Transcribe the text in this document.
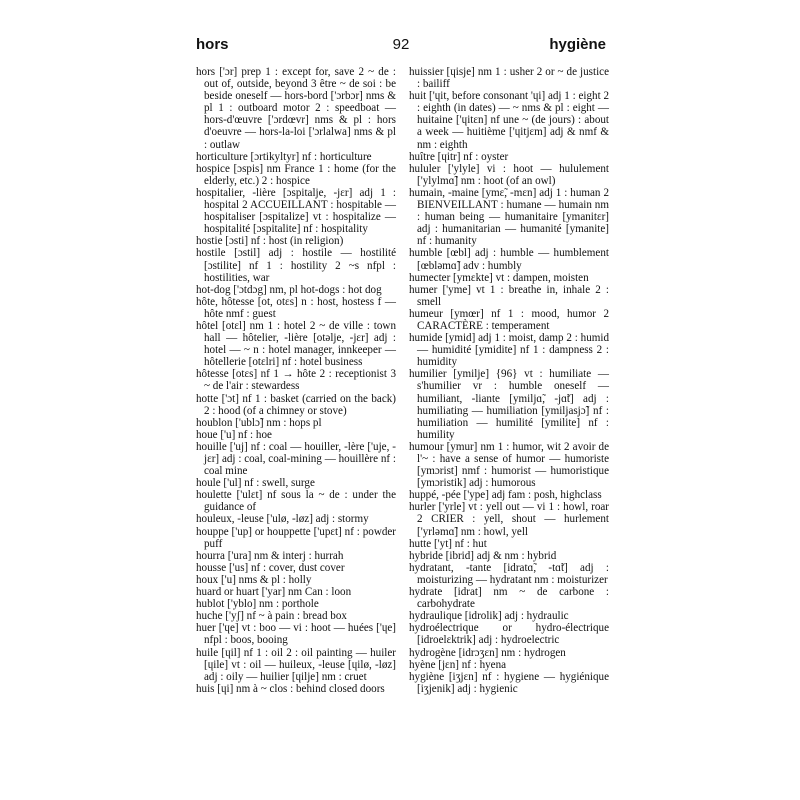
hors	92	hygiène

hors ['ɔr] prep 1 : except for, save 2 ~ de : out of, outside, beyond 3 être ~ de soi : be beside oneself — hors-bord ['ɔrbɔr] nms & pl 1 : outboard motor 2 : speedboat — hors-d'œuvre ['ɔrdœvr] nms & pl : hors d'oeuvre — hors-la-loi ['ɔrlalwa] nms & pl : outlaw

horticulture [ɔrtikyltyr] nf : horticulture

hospice [ɔspis] nm France 1 : home (for the elderly, etc.) 2 : hospice

hospitalier, -lière [ɔspitalje, -jɛr] adj 1 : hospital 2 ACCUEILLANT : hospitable — hospitaliser [ɔspitalize] vt : hospitalize — hospitalité [ɔspitalite] nf : hospitality

hostie [ɔsti] nf : host (in religion)

hostile [ɔstil] adj : hostile — hostilité [ɔstilite] nf 1 : hostility 2 ~s nfpl : hostilities, war

hot-dog ['ɔtdɔg] nm, pl hot-dogs : hot dog

hôte, hôtesse [ot, otɛs] n : host, hostess f — hôte nmf : guest

hôtel [otɛl] nm 1 : hotel 2 ~ de ville : town hall — hôtelier, -lière [otəlje, -jɛr] adj : hotel — ~ n : hotel manager, innkeeper — hôtellerie [otɛlri] nf : hotel business

hôtesse [otɛs] nf 1 → hôte 2 : receptionist 3 ~ de l'air : stewardess

hotte ['ɔt] nf 1 : basket (carried on the back) 2 : hood (of a chimney or stove)

houblon ['ublɔ̃] nm : hops pl

houe ['u] nf : hoe

houille ['uj] nf : coal — houiller, -lère ['uje, -jɛr] adj : coal, coal-mining — houillère nf : coal mine

houle ['ul] nf : swell, surge

houlette ['ulɛt] nf sous la ~ de : under the guidance of

houleux, -leuse ['ulø, -løz] adj : stormy

houppe ['up] or houppette ['upɛt] nf : powder puff

hourra ['ura] nm & interj : hurrah

housse ['us] nf : cover, dust cover

houx ['u] nms & pl : holly

huard or huart ['yar] nm Can : loon

hublot ['yblo] nm : porthole

huche ['yʃ] nf ~ à pain : bread box

huer ['ɥe] vt : boo — vi : hoot — huées ['ɥe] nfpl : boos, booing

huile [ɥil] nf 1 : oil 2 : oil painting — huiler [ɥile] vt : oil — huileux, -leuse [ɥilø, -løz] adj : oily — huilier [ɥilje] nm : cruet

huis [ɥi] nm à ~ clos : behind closed doors

huissier [ɥisje] nm 1 : usher 2 or ~ de justice : bailiff

huit ['ɥit, before consonant 'ɥi] adj 1 : eight 2 : eighth (in dates) — ~ nms & pl : eight —huitaine ['ɥitɛn] nf une ~ (de jours) : about a week — huitième ['ɥitjɛm] adj & nmf & nm : eighth

huître [ɥitr] nf : oyster

hululer ['ylyle] vi : hoot — hululement ['ylylmɑ̃] nm : hoot (of an owl)

humain, -maine [ymɛ̃, -mɛn] adj 1 : human 2 BIENVEILLANT : humane — humain nm : human being — humanitaire [ymanitɛr] adj : humanitarian — humanité [ymanite] nf : humanity

humble [œbl] adj : humble — humblement [œbləmɑ̃] adv : humbly

humecter [ymɛkte] vt : dampen, moisten

humer ['yme] vt 1 : breathe in, inhale 2 : smell

humeur [ymœr] nf 1 : mood, humor 2 CARACTÈRE : temperament

humide [ymid] adj 1 : moist, damp 2 : humid — humidité [ymidite] nf 1 : dampness 2 : humidity

humilier [ymilje] {96} vt : humiliate — s'humilier vr : humble oneself — humiliant, -liante [ymiljɑ̃, -jɑ̃t] adj : humiliating — humiliation [ymiljasjɔ̃] nf : humiliation — humilité [ymilite] nf : humility

humour [ymur] nm 1 : humor, wit 2 avoir de l'~ : have a sense of humor — humoriste [ymɔrist] nmf : humorist — humoristique [ymɔristik] adj : humorous

huppé, -pée ['ype] adj fam : posh, highclass

hurler ['yrle] vt : yell out — vi 1 : howl, roar 2 CRIER : yell, shout — hurlement ['yrləmɑ̃] nm : howl, yell

hutte ['yt] nf : hut

hybride [ibrid] adj & nm : hybrid

hydratant, -tante [idratɑ̃, -tɑ̃t] adj : moisturizing — hydratant nm : moisturizer

hydrate [idrat] nm ~ de carbone : carbohydrate

hydraulique [idrolik] adj : hydraulic

hydroélectrique or hydro-électrique [idroelɛktrik] adj : hydroelectric

hydrogène [idrɔʒɛn] nm : hydrogen

hyène [jɛn] nf : hyena

hygiène [iʒjɛn] nf : hygiene — hygiénique [iʒjenik] adj : hygienic
